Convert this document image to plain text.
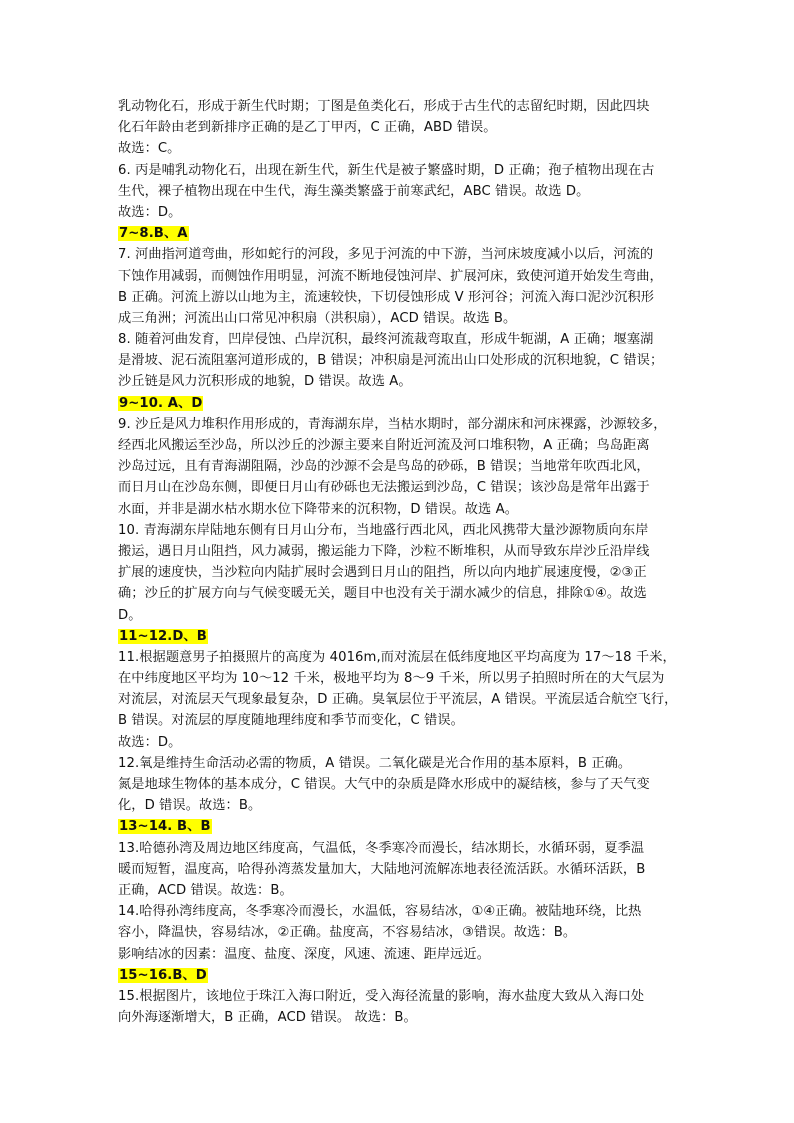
乳动物化石，形成于新生代时期；丁图是鱼类化石，形成于古生代的志留纪时期，因此四块
化石年龄由老到新排序正确的是乙丁甲丙，C 正确，ABD 错误。
故选：C。
6. 丙是哺乳动物化石，出现在新生代，新生代是被子繁盛时期，D 正确；孢子植物出现在古
生代，裸子植物出现在中生代，海生藻类繁盛于前寒武纪，ABC 错误。故选 D。
故选：D。
7~8.B、A
7. 河曲指河道弯曲，形如蛇行的河段，多见于河流的中下游，当河床坡度减小以后，河流的
下蚀作用减弱，而侧蚀作用明显，河流不断地侵蚀河岸、扩展河床，致使河道开始发生弯曲，
B 正确。河流上游以山地为主，流速较快，下切侵蚀形成 V 形河谷；河流入海口泥沙沉积形
成三角洲；河流出山口常见冲积扇（洪积扇），ACD 错误。故选 B。
8. 随着河曲发育，凹岸侵蚀、凸岸沉积，最终河流裁弯取直，形成牛轭湖，A 正确；堰塞湖
是滑坡、泥石流阻塞河道形成的，B 错误；冲积扇是河流出山口处形成的沉积地貌，C 错误；
沙丘链是风力沉积形成的地貌，D 错误。故选 A。
9~10. A、D
9. 沙丘是风力堆积作用形成的，青海湖东岸，当枯水期时，部分湖床和河床裸露，沙源较多，
经西北风搬运至沙岛，所以沙丘的沙源主要来自附近河流及河口堆积物，A 正确；鸟岛距离
沙岛过远，且有青海湖阻隔，沙岛的沙源不会是鸟岛的砂砾，B 错误；当地常年吹西北风，
而日月山在沙岛东侧，即便日月山有砂砾也无法搬运到沙岛，C 错误；该沙岛是常年出露于
水面，并非是湖水枯水期水位下降带来的沉积物，D 错误。故选 A。
10. 青海湖东岸陆地东侧有日月山分布，当地盛行西北风，西北风携带大量沙源物质向东岸
搬运，遇日月山阻挡，风力减弱，搬运能力下降，沙粒不断堆积，从而导致东岸沙丘沿岸线
扩展的速度快，当沙粒向内陆扩展时会遇到日月山的阻挡，所以向内地扩展速度慢，②③正
确；沙丘的扩展方向与气候变暖无关，题目中也没有关于湖水减少的信息，排除①④。故选
D。
11~12.D、B
11.根据题意男子拍摄照片的高度为 4016m,而对流层在低纬度地区平均高度为 17～18 千米，
在中纬度地区平均为 10～12 千米，极地平均为 8～9 千米，所以男子拍照时所在的大气层为
对流层，对流层天气现象最复杂，D 正确。臭氧层位于平流层，A 错误。平流层适合航空飞行，
B 错误。对流层的厚度随地理纬度和季节而变化，C 错误。
故选：D。
12.氧是维持生命活动必需的物质，A 错误。二氧化碳是光合作用的基本原料，B 正确。
氮是地球生物体的基本成分，C 错误。大气中的杂质是降水形成中的凝结核，参与了天气变
化，D 错误。故选：B。
13~14. B、B
13.哈德孙湾及周边地区纬度高，气温低，冬季寒冷而漫长，结冰期长，水循环弱，夏季温
暖而短暂，温度高，哈得孙湾蒸发量加大，大陆地河流解冻地表径流活跃。水循环活跃，B
正确，ACD 错误。故选：B。
14.哈得孙湾纬度高，冬季寒冷而漫长，水温低，容易结冰，①④正确。被陆地环绕，比热
容小，降温快，容易结冰，②正确。盐度高，不容易结冰，③错误。故选：B。
影响结冰的因素：温度、盐度、深度，风速、流速、距岸远近。
15~16.B、D
15.根据图片，该地位于珠江入海口附近，受入海径流量的影响，海水盐度大致从入海口处
向外海逐渐增大，B 正确，ACD 错误。 故选：B。
